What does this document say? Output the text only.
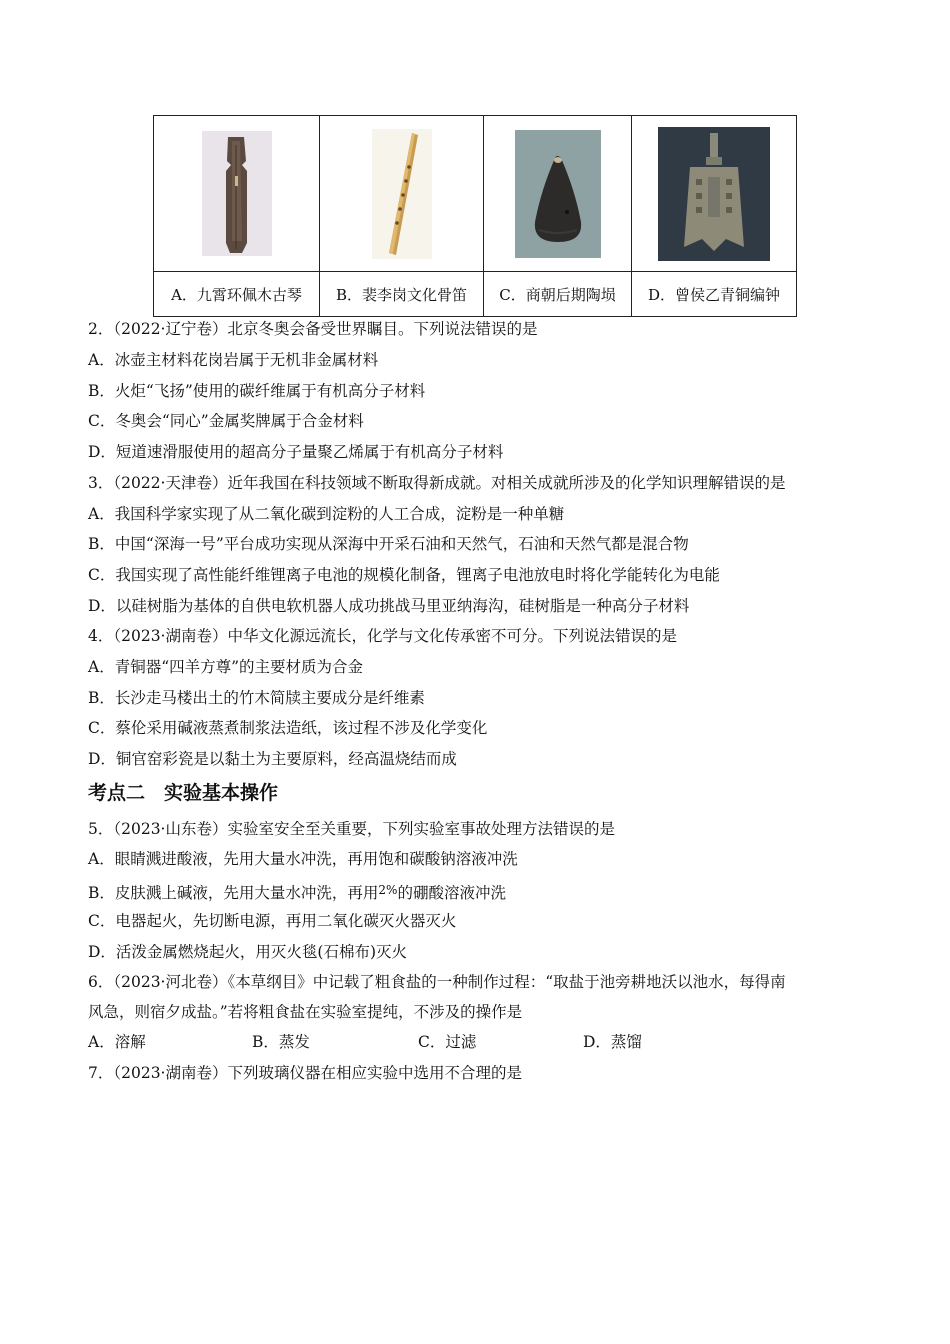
A．九霄环佩木古琴	B．裴李岗文化骨笛	C．商朝后期陶埙	D．曾侯乙青铜编钟
2．（2022·辽宁卷）北京冬奥会备受世界瞩目。下列说法错误的是
A．冰壶主材料花岗岩属于无机非金属材料
B．火炬“飞扬”使用的碳纤维属于有机高分子材料
C．冬奥会“同心”金属奖牌属于合金材料
D．短道速滑服使用的超高分子量聚乙烯属于有机高分子材料
3．（2022·天津卷）近年我国在科技领域不断取得新成就。对相关成就所涉及的化学知识理解错误的是
A．我国科学家实现了从二氧化碳到淀粉的人工合成，淀粉是一种单糖
B．中国“深海一号”平台成功实现从深海中开采石油和天然气，石油和天然气都是混合物
C．我国实现了高性能纤维锂离子电池的规模化制备，锂离子电池放电时将化学能转化为电能
D．以硅树脂为基体的自供电软机器人成功挑战马里亚纳海沟，硅树脂是一种高分子材料
4．（2023·湖南卷）中华文化源远流长，化学与文化传承密不可分。下列说法错误的是
A．青铜器“四羊方尊”的主要材质为合金
B．长沙走马楼出土的竹木简牍主要成分是纤维素
C．蔡伦采用碱液蒸煮制浆法造纸，该过程不涉及化学变化
D．铜官窑彩瓷是以黏土为主要原料，经高温烧结而成
考点二　实验基本操作
5．（2023·山东卷）实验室安全至关重要，下列实验室事故处理方法错误的是
A．眼睛溅进酸液，先用大量水冲洗，再用饱和碳酸钠溶液冲洗
B．皮肤溅上碱液，先用大量水冲洗，再用$^{2\%}$的硼酸溶液冲洗
C．电器起火，先切断电源，再用二氧化碳灭火器灭火
D．活泼金属燃烧起火，用灭火毯(石棉布)灭火
6．（2023·河北卷）《本草纲目》中记载了粗食盐的一种制作过程：“取盐于池旁耕地沃以池水，每得南
风急，则宿夕成盐。”若将粗食盐在实验室提纯，不涉及的操作是
A．溶解	B．蒸发	C．过滤	D．蒸馏
7．（2023·湖南卷）下列玻璃仪器在相应实验中选用不合理的是
